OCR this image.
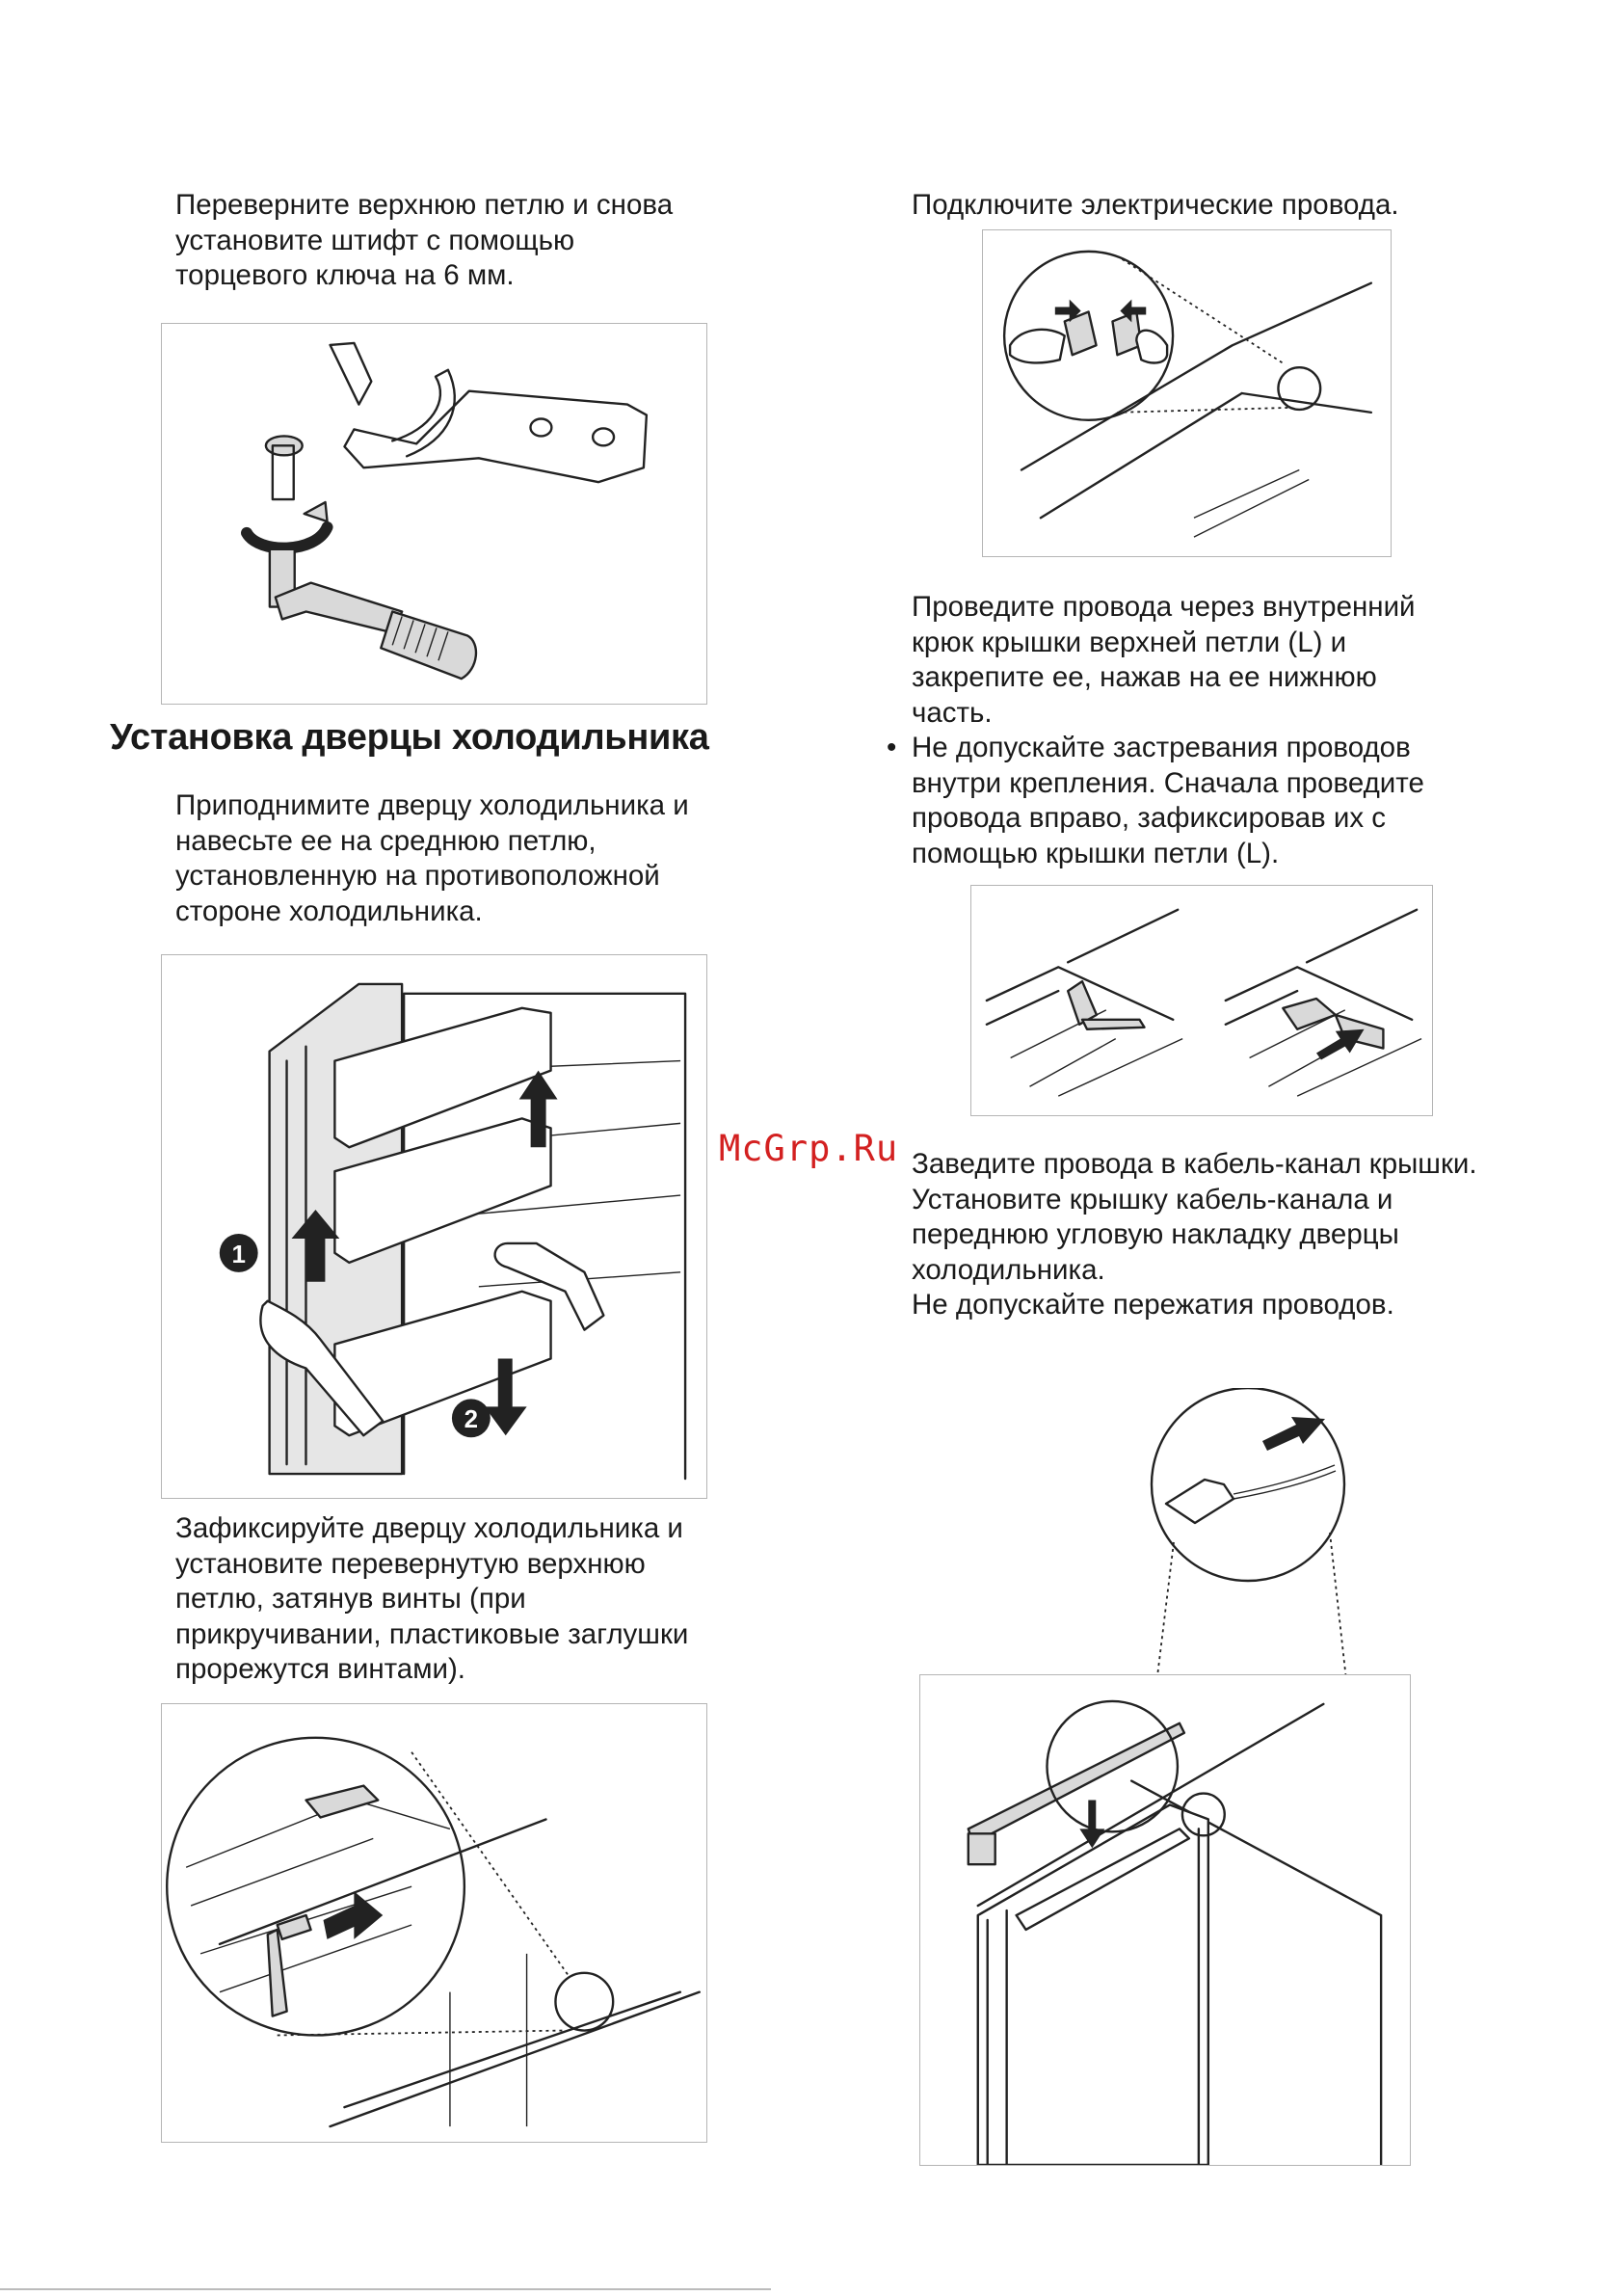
Переверните верхнюю петлю и снова

установите штифт с помощью

торцевого ключа на 6 мм.

Установка дверцы холодильника

Приподнимите дверцу холодильника и

навесьте ее на среднюю петлю,

установленную на противоположной

стороне холодильника.

1
2

Зафиксируйте дверцу холодильника и

установите перевернутую верхнюю

петлю, затянув винты (при

прикручивании, пластиковые заглушки

прорежутся винтами).

Подключите электрические провода.

Проведите провода через внутренний

крюк крышки верхней петли (L) и

закрепите ее, нажав на ее нижнюю

часть.

• Не допускайте застревания проводов
внутри крепления. Сначала проведите
провода вправо, зафиксировав их с
помощью крышки петли (L).
McGrp.Ru Заведите провода в кабель-канал крышки.

Установите крышку кабель-канала и

переднюю угловую накладку дверцы

холодильника.

Не допускайте пережатия проводов.
